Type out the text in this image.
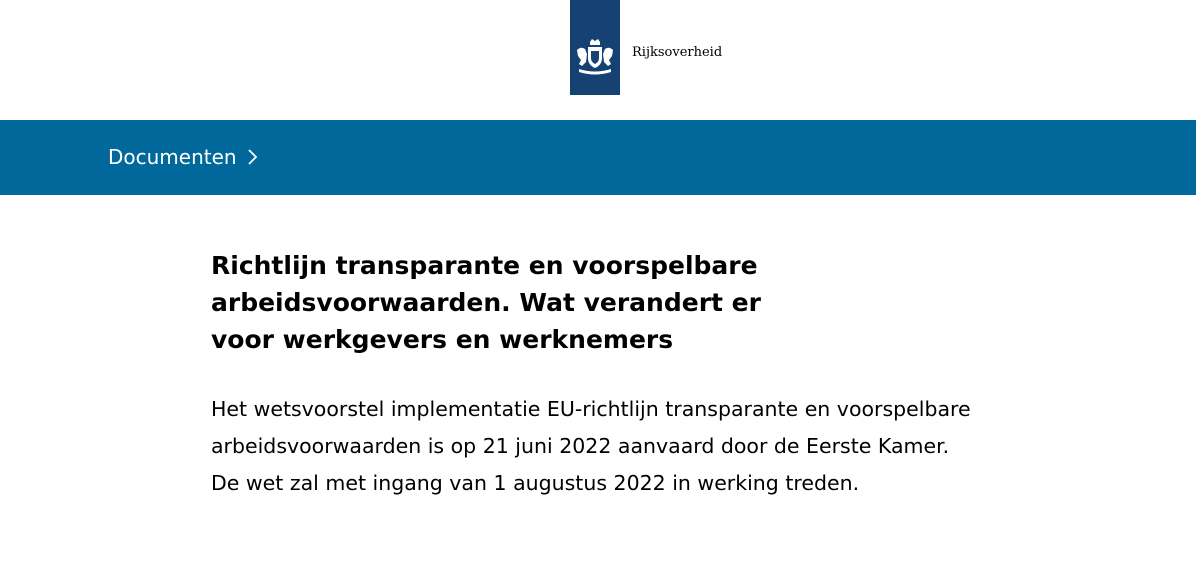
Rijksoverheid
Documenten
Richtlijn transparante en voorspelbare arbeidsvoorwaarden. Wat verandert er voor werkgevers en werknemers

Het wetsvoorstel implementatie EU-richtlijn transparante en voorspelbare arbeidsvoorwaarden is op 21 juni 2022 aanvaard door de Eerste Kamer. De wet zal met ingang van 1 augustus 2022 in werking treden.
